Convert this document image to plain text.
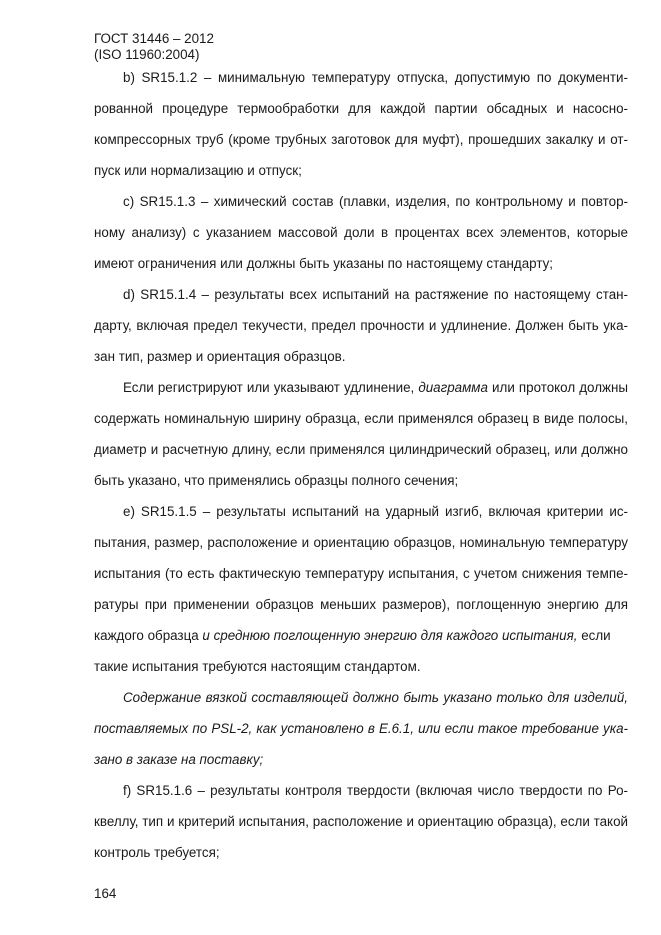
ГОСТ 31446 – 2012
(ISO 11960:2004)
b) SR15.1.2 – минимальную температуру отпуска, допустимую по документи-
рованной процедуре термообработки для каждой партии обсадных и насосно-
компрессорных труб (кроме трубных заготовок для муфт), прошедших закалку и от-
пуск или нормализацию и отпуск;
c) SR15.1.3 – химический состав (плавки, изделия, по контрольному и повтор-
ному анализу) с указанием массовой доли в процентах всех элементов, которые
имеют ограничения или должны быть указаны по настоящему стандарту;
d) SR15.1.4 – результаты всех испытаний на растяжение по настоящему стан-
дарту, включая предел текучести, предел прочности и удлинение. Должен быть ука-
зан тип, размер и ориентация образцов.
Если регистрируют или указывают удлинение, диаграмма или протокол должны
содержать номинальную ширину образца, если применялся образец в виде полосы,
диаметр и расчетную длину, если применялся цилиндрический образец, или должно
быть указано, что применялись образцы полного сечения;
e) SR15.1.5 – результаты испытаний на ударный изгиб, включая критерии ис-
пытания, размер, расположение и ориентацию образцов, номинальную температуру
испытания (то есть фактическую температуру испытания, с учетом снижения темпе-
ратуры при применении образцов меньших размеров), поглощенную энергию для
каждого образца и среднюю поглощенную энергию для каждого испытания, если
такие испытания требуются настоящим стандартом.
Содержание вязкой составляющей должно быть указано только для изделий,
поставляемых по PSL-2, как установлено в Е.6.1, или если такое требование ука-
зано в заказе на поставку;
f) SR15.1.6 – результаты контроля твердости (включая число твердости по Ро-
квеллу, тип и критерий испытания, расположение и ориентацию образца), если такой
контроль требуется;
164
